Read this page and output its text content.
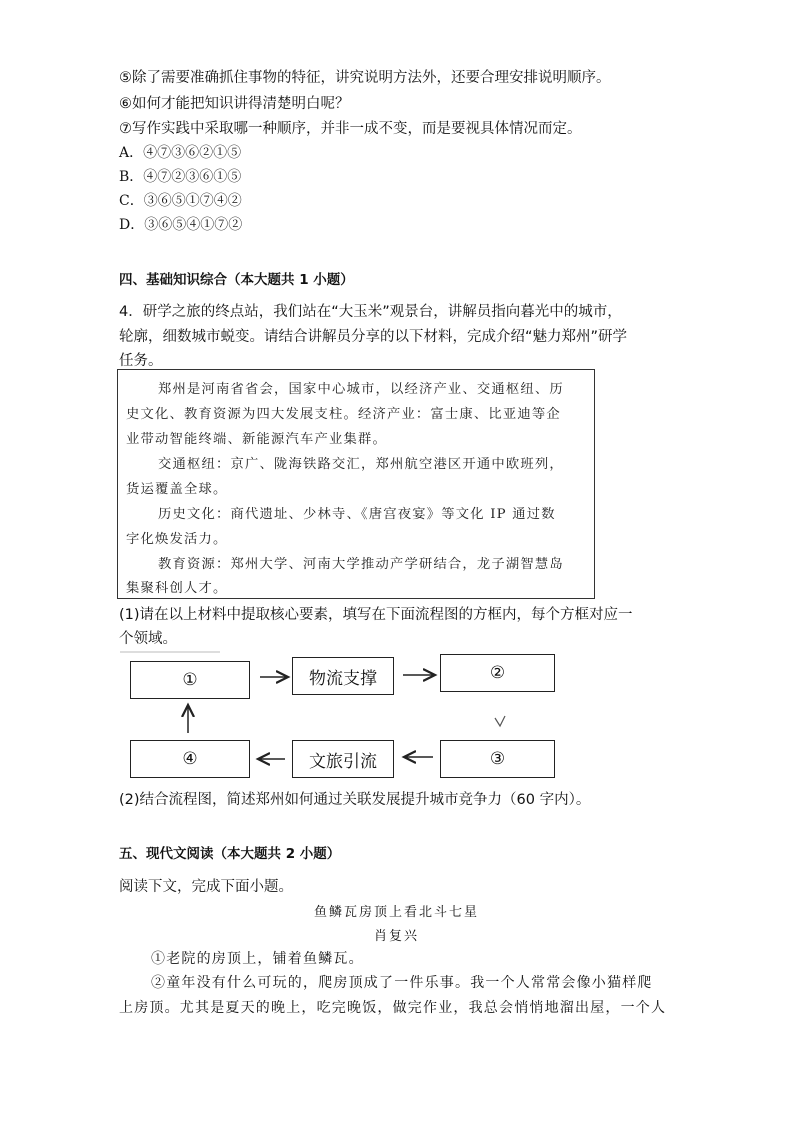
⑤除了需要准确抓住事物的特征，讲究说明方法外，还要合理安排说明顺序。
⑥如何才能把知识讲得清楚明白呢？
⑦写作实践中采取哪一种顺序，并非一成不变，而是要视具体情况而定。
A．④⑦③⑥②①⑤
B．④⑦②③⑥①⑤
C．③⑥⑤①⑦④②
D．③⑥⑤④①⑦②
四、基础知识综合（本大题共 1 小题）
4．研学之旅的终点站，我们站在“大玉米”观景台，讲解员指向暮光中的城市，
轮廓，细数城市蜕变。请结合讲解员分享的以下材料，完成介绍“魅力郑州”研学
任务。
郑州是河南省省会，国家中心城市，以经济产业、交通枢纽、历
史文化、教育资源为四大发展支柱。经济产业：富士康、比亚迪等企
业带动智能终端、新能源汽车产业集群。
交通枢纽：京广、陇海铁路交汇，郑州航空港区开通中欧班列，
货运覆盖全球。
历史文化：商代遗址、少林寺、《唐宫夜宴》等文化 IP 通过数
字化焕发活力。
教育资源：郑州大学、河南大学推动产学研结合，龙子湖智慧岛
集聚科创人才。
(1)请在以上材料中提取核心要素，填写在下面流程图的方框内，每个方框对应一
个领域。
①	物流支撑	②
③
文旅引流
④
(2)结合流程图，简述郑州如何通过关联发展提升城市竞争力（60 字内）。
五、现代文阅读（本大题共 2 小题）
阅读下文，完成下面小题。
鱼鳞瓦房顶上看北斗七星
肖复兴
①老院的房顶上，铺着鱼鳞瓦。
②童年没有什么可玩的，爬房顶成了一件乐事。我一个人常常会像小猫样爬
上房顶。尤其是夏天的晚上，吃完晚饭，做完作业，我总会悄悄地溜出屋，一个人
